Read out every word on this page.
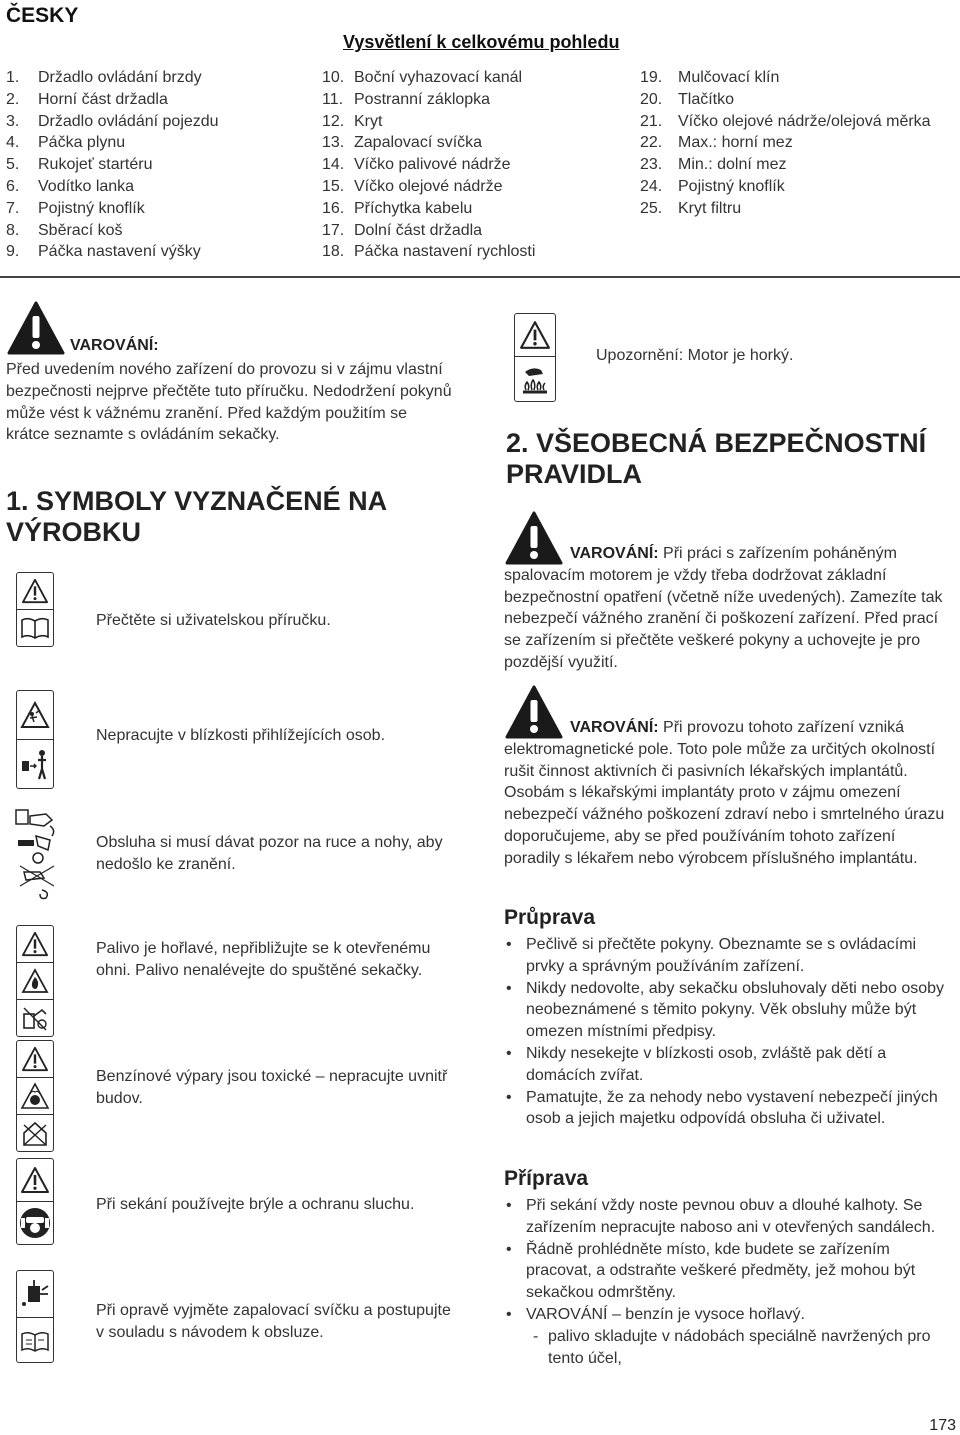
ČESKY
Vysvětlení k celkovému pohledu
1.	Držadlo ovládání brzdy
2.	Horní část držadla
3.	Držadlo ovládání pojezdu
4.	Páčka plynu
5.	Rukojeť startéru
6.	Vodítko lanka
7.	Pojistný knoflík
8.	Sběrací koš
9.	Páčka nastavení výšky
10. Boční vyhazovací kanál
11. Postranní záklopka
12. Kryt
13. Zapalovací svíčka
14. Víčko palivové nádrže
15. Víčko olejové nádrže
16. Příchytka kabelu
17. Dolní část držadla
18. Páčka nastavení rychlosti
19. Mulčovací klín
20. Tlačítko
21. Víčko olejové nádrže/olejová měrka
22. Max.: horní mez
23. Min.: dolní mez
24. Pojistný knoflík
25. Kryt filtru
VAROVÁNÍ:

Před uvedením nového zařízení do provozu si v zájmu vlastní bezpečnosti nejprve přečtěte tuto příručku. Nedodržení pokynů může vést k vážnému zranění. Před každým použitím se krátce seznamte s ovládáním sekačky.

1. SYMBOLY VYZNAČENÉ NA VÝROBKU

Přečtěte si uživatelskou příručku.

Nepracujte v blízkosti přihlížejících osob.

Obsluha si musí dávat pozor na ruce a nohy, aby nedošlo ke zranění.

Palivo je hořlavé, nepřibližujte se k otevřenému ohni. Palivo nenalévejte do spuštěné sekačky.

Benzínové výpary jsou toxické – nepracujte uvnitř budov.

Při sekání používejte brýle a ochranu sluchu.

Při opravě vyjměte zapalovací svíčku a postupujte v souladu s návodem k obsluze.

Upozornění: Motor je horký.

2. VŠEOBECNÁ BEZPEČNOSTNÍ PRAVIDLA

VAROVÁNÍ: Při práci s zařízením poháněným spalovacím motorem je vždy třeba dodržovat základní bezpečnostní opatření (včetně níže uvedených). Zamezíte tak nebezpečí vážného zranění či poškození zařízení. Před prací se zařízením si přečtěte veškeré pokyny a uchovejte je pro pozdější využití.

VAROVÁNÍ: Při provozu tohoto zařízení vzniká elektromagnetické pole. Toto pole může za určitých okolností rušit činnost aktivních či pasivních lékařských implantátů. Osobám s lékařskými implantáty proto v zájmu omezení nebezpečí vážného poškození zdraví nebo i smrtelného úrazu doporučujeme, aby se před používáním tohoto zařízení poradily s lékařem nebo výrobcem příslušného implantátu.

Průprava
• Pečlivě si přečtěte pokyny. Obeznamte se s ovládacími prvky a správným používáním zařízení.
• Nikdy nedovolte, aby sekačku obsluhovaly děti nebo osoby neobeznámené s těmito pokyny. Věk obsluhy může být omezen místními předpisy.
• Nikdy nesekejte v blízkosti osob, zvláště pak dětí a domácích zvířat.
• Pamatujte, že za nehody nebo vystavení nebezpečí jiných osob a jejich majetku odpovídá obsluha či uživatel.
Příprava
• Při sekání vždy noste pevnou obuv a dlouhé kalhoty. Se zařízením nepracujte naboso ani v otevřených sandálech.
• Řádně prohlédněte místo, kde budete se zařízením pracovat, a odstraňte veškeré předměty, jež mohou být sekačkou odmrštěny.
• VAROVÁNÍ – benzín je vysoce hořlavý.
- palivo skladujte v nádobách speciálně navržených pro tento účel,
173
